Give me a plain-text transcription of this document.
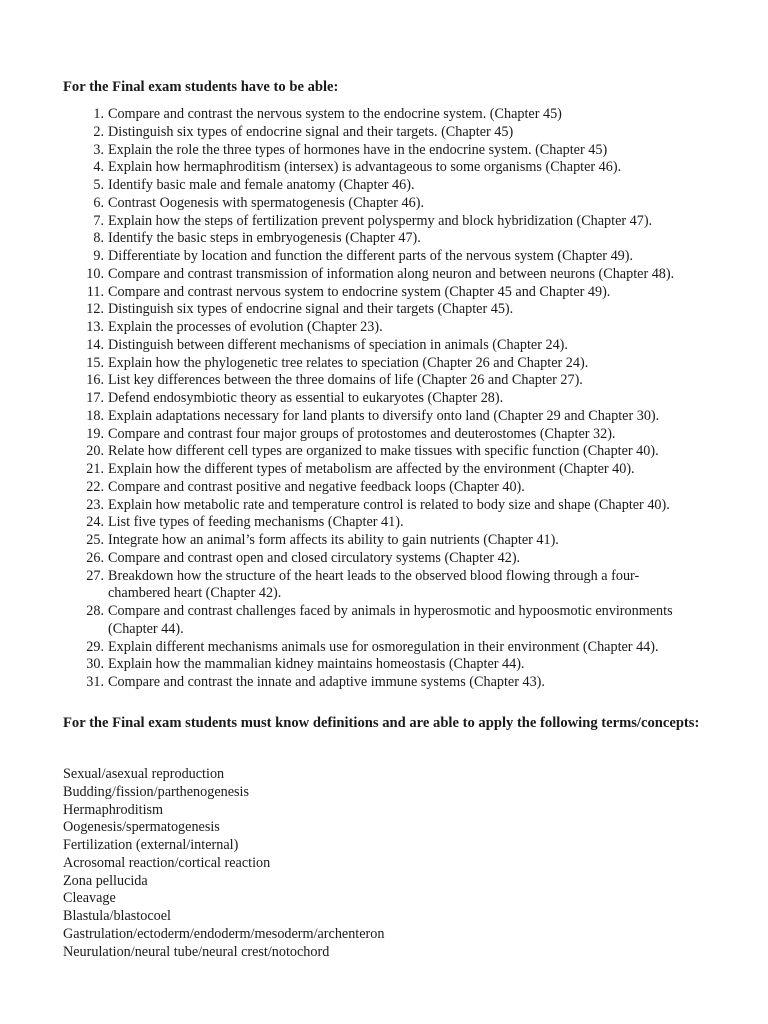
For the Final exam students have to be able:
1. Compare and contrast the nervous system to the endocrine system. (Chapter 45)
2. Distinguish six types of endocrine signal and their targets. (Chapter 45)
3. Explain the role the three types of hormones have in the endocrine system. (Chapter 45)
4. Explain how hermaphroditism (intersex) is advantageous to some organisms (Chapter 46).
5. Identify basic male and female anatomy (Chapter 46).
6. Contrast Oogenesis with spermatogenesis (Chapter 46).
7. Explain how the steps of fertilization prevent polyspermy and block hybridization (Chapter 47).
8. Identify the basic steps in embryogenesis (Chapter 47).
9. Differentiate by location and function the different parts of the nervous system (Chapter 49).
10. Compare and contrast transmission of information along neuron and between neurons (Chapter 48).
11. Compare and contrast nervous system to endocrine system (Chapter 45 and Chapter 49).
12. Distinguish six types of endocrine signal and their targets (Chapter 45).
13. Explain the processes of evolution (Chapter 23).
14. Distinguish between different mechanisms of speciation in animals (Chapter 24).
15. Explain how the phylogenetic tree relates to speciation (Chapter 26 and Chapter 24).
16. List key differences between the three domains of life (Chapter 26 and Chapter 27).
17. Defend endosymbiotic theory as essential to eukaryotes (Chapter 28).
18. Explain adaptations necessary for land plants to diversify onto land (Chapter 29 and Chapter 30).
19. Compare and contrast four major groups of protostomes and deuterostomes (Chapter 32).
20. Relate how different cell types are organized to make tissues with specific function (Chapter 40).
21. Explain how the different types of metabolism are affected by the environment (Chapter 40).
22. Compare and contrast positive and negative feedback loops (Chapter 40).
23. Explain how metabolic rate and temperature control is related to body size and shape (Chapter 40).
24. List five types of feeding mechanisms (Chapter 41).
25. Integrate how an animal’s form affects its ability to gain nutrients (Chapter 41).
26. Compare and contrast open and closed circulatory systems (Chapter 42).
27. Breakdown how the structure of the heart leads to the observed blood flowing through a four-
chambered heart (Chapter 42).
28. Compare and contrast challenges faced by animals in hyperosmotic and hypoosmotic environments
(Chapter 44).
29. Explain different mechanisms animals use for osmoregulation in their environment (Chapter 44).
30. Explain how the mammalian kidney maintains homeostasis (Chapter 44).
31. Compare and contrast the innate and adaptive immune systems (Chapter 43).
For the Final exam students must know definitions and are able to apply the following terms/concepts:
Sexual/asexual reproduction
Budding/fission/parthenogenesis
Hermaphroditism
Oogenesis/spermatogenesis
Fertilization (external/internal)
Acrosomal reaction/cortical reaction
Zona pellucida
Cleavage
Blastula/blastocoel
Gastrulation/ectoderm/endoderm/mesoderm/archenteron
Neurulation/neural tube/neural crest/notochord
